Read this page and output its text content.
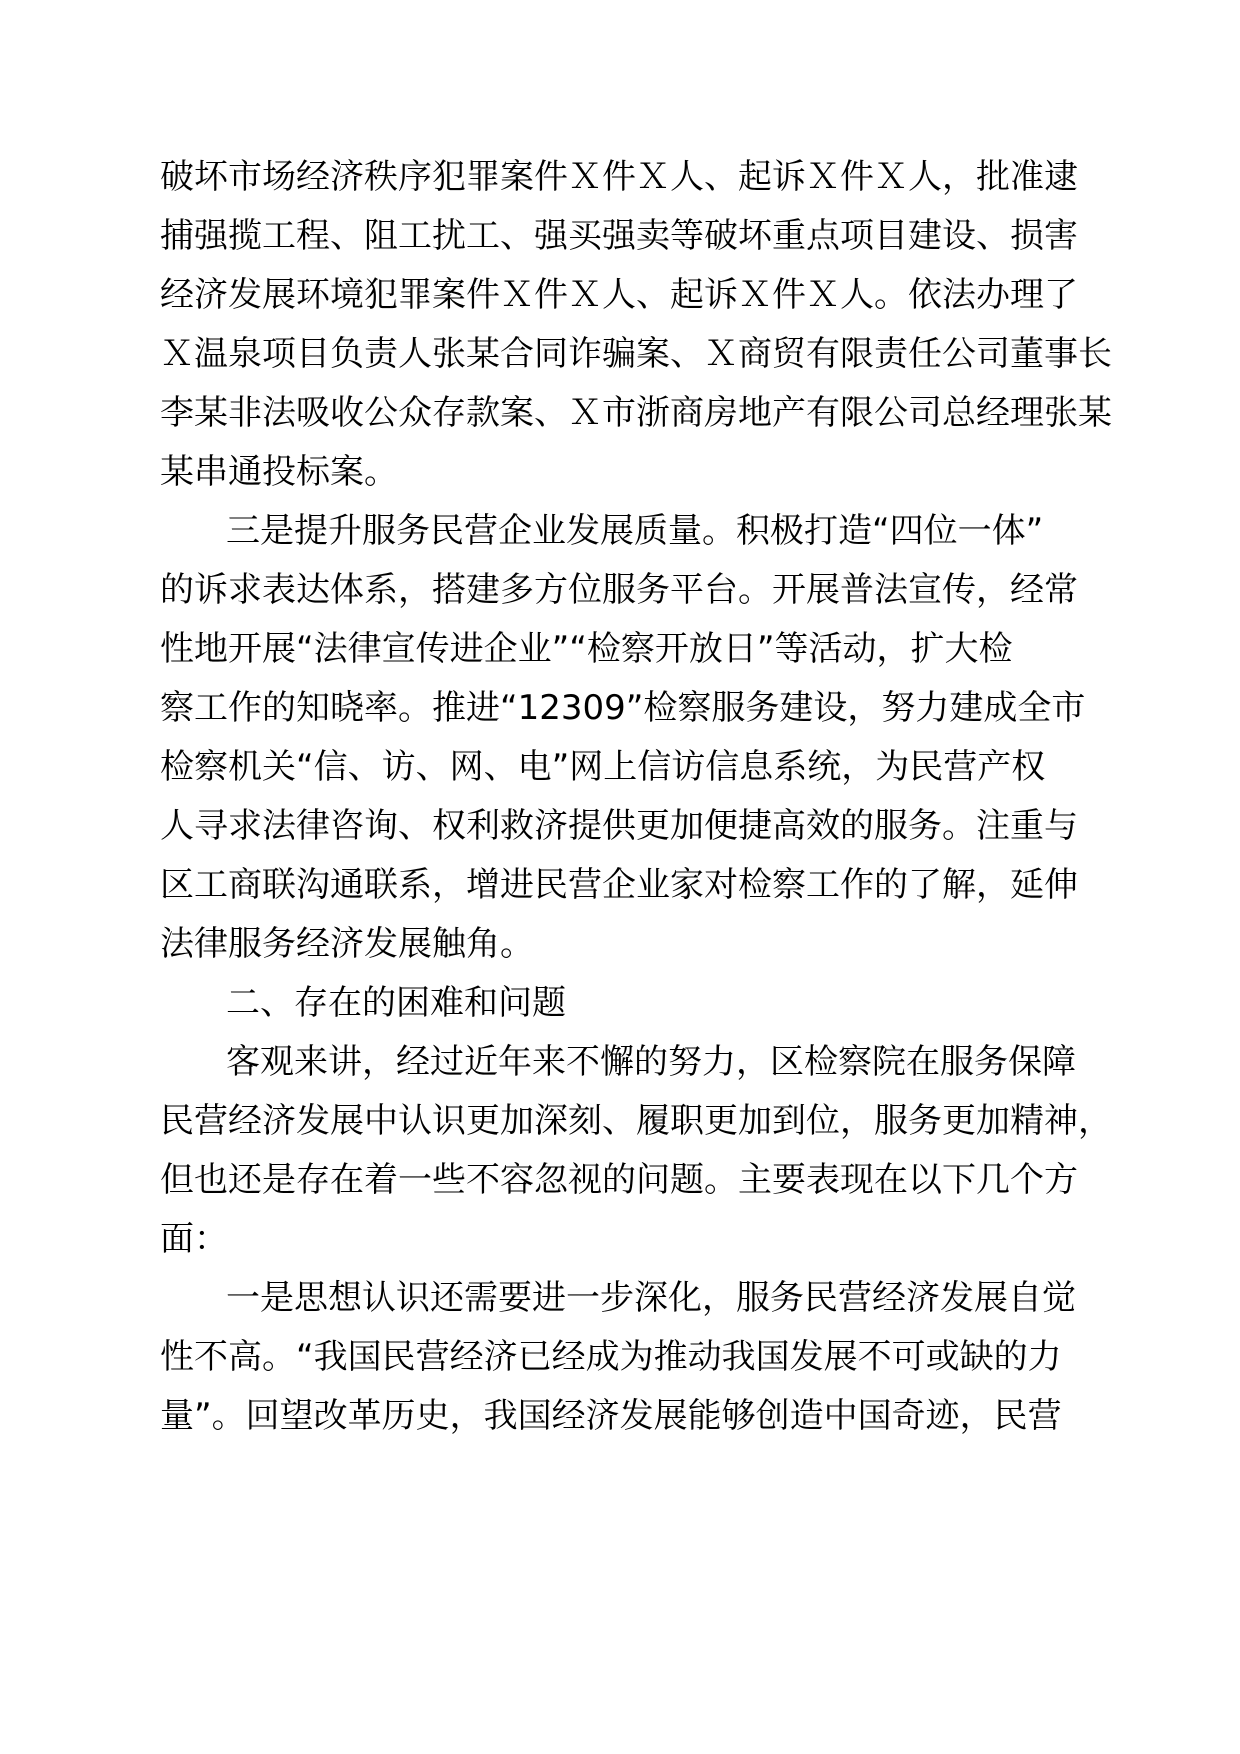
破坏市场经济秩序犯罪案件Ｘ件Ｘ人、起诉Ｘ件Ｘ人，批准逮
捕强揽工程、阻工扰工、强买强卖等破坏重点项目建设、损害
经济发展环境犯罪案件Ｘ件Ｘ人、起诉Ｘ件Ｘ人。依法办理了
Ｘ温泉项目负责人张某合同诈骗案、Ｘ商贸有限责任公司董事长
李某非法吸收公众存款案、Ｘ市浙商房地产有限公司总经理张某
某串通投标案。
三是提升服务民营企业发展质量。积极打造“四位一体”
的诉求表达体系，搭建多方位服务平台。开展普法宣传，经常
性地开展“法律宣传进企业”“检察开放日”等活动，扩大检
察工作的知晓率。推进“12309”检察服务建设，努力建成全市
检察机关“信、访、网、电”网上信访信息系统，为民营产权
人寻求法律咨询、权利救济提供更加便捷高效的服务。注重与
区工商联沟通联系，增进民营企业家对检察工作的了解，延伸
法律服务经济发展触角。
二、存在的困难和问题
客观来讲，经过近年来不懈的努力，区检察院在服务保障
民营经济发展中认识更加深刻、履职更加到位，服务更加精神，
但也还是存在着一些不容忽视的问题。主要表现在以下几个方
面：
一是思想认识还需要进一步深化，服务民营经济发展自觉
性不高。“我国民营经济已经成为推动我国发展不可或缺的力
量”。回望改革历史，我国经济发展能够创造中国奇迹，民营
